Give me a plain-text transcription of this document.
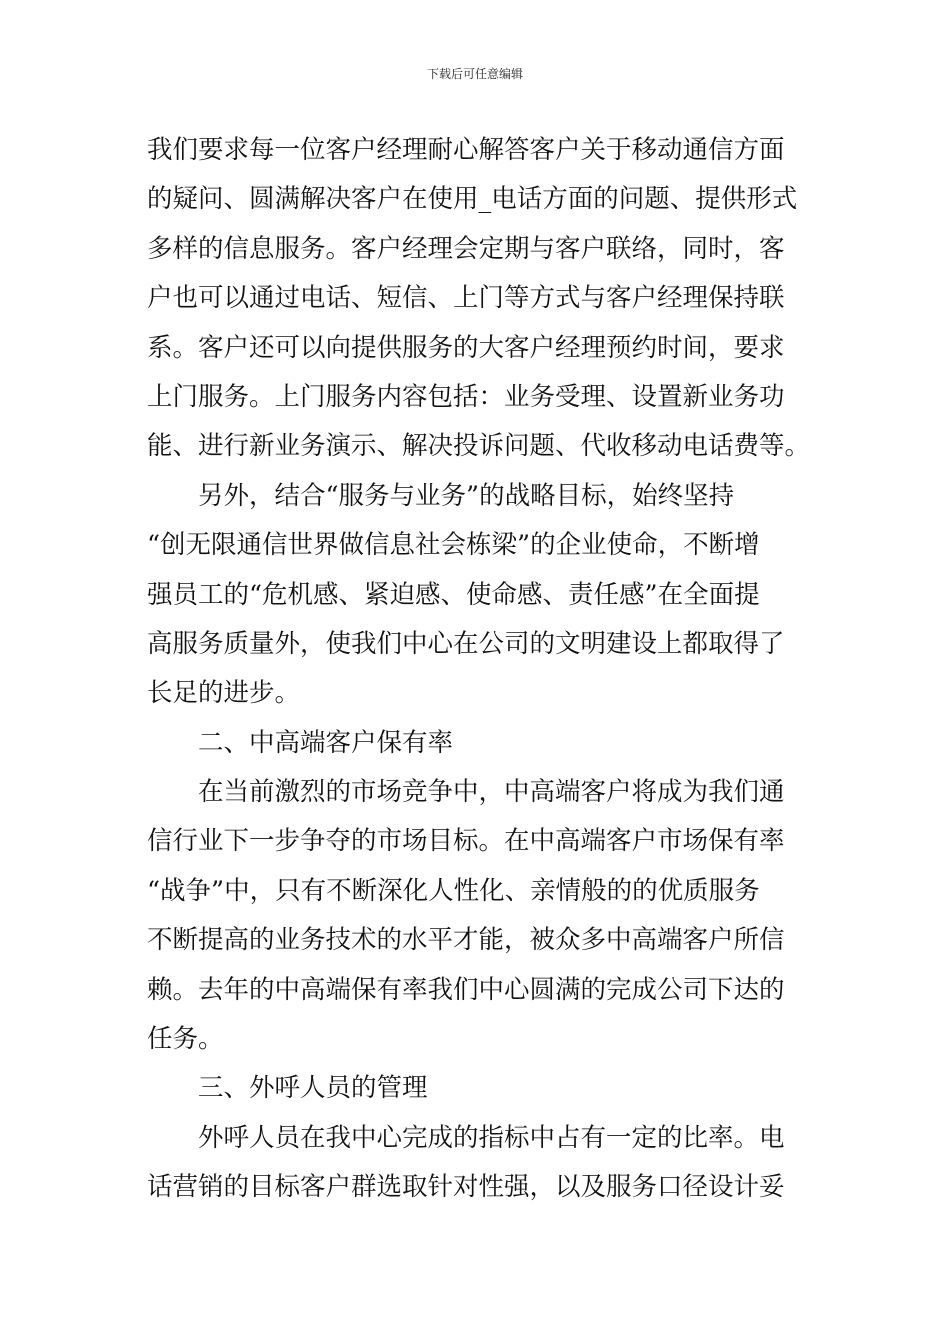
下载后可任意编辑
我们要求每一位客户经理耐心解答客户关于移动通信方面
的疑问、圆满解决客户在使用_电话方面的问题、提供形式
多样的信息服务。客户经理会定期与客户联络，同时，客
户也可以通过电话、短信、上门等方式与客户经理保持联
系。客户还可以向提供服务的大客户经理预约时间，要求
上门服务。上门服务内容包括：业务受理、设置新业务功
能、进行新业务演示、解决投诉问题、代收移动电话费等。
另外，结合“服务与业务”的战略目标，始终坚持
“创无限通信世界做信息社会栋梁”的企业使命，不断增
强员工的“危机感、紧迫感、使命感、责任感”在全面提
高服务质量外，使我们中心在公司的文明建设上都取得了
长足的进步。
二、中高端客户保有率
在当前激烈的市场竞争中，中高端客户将成为我们通
信行业下一步争夺的市场目标。在中高端客户市场保有率
“战争”中，只有不断深化人性化、亲情般的的优质服务
不断提高的业务技术的水平才能，被众多中高端客户所信
赖。去年的中高端保有率我们中心圆满的完成公司下达的
任务。
三、外呼人员的管理
外呼人员在我中心完成的指标中占有一定的比率。电
话营销的目标客户群选取针对性强，以及服务口径设计妥
